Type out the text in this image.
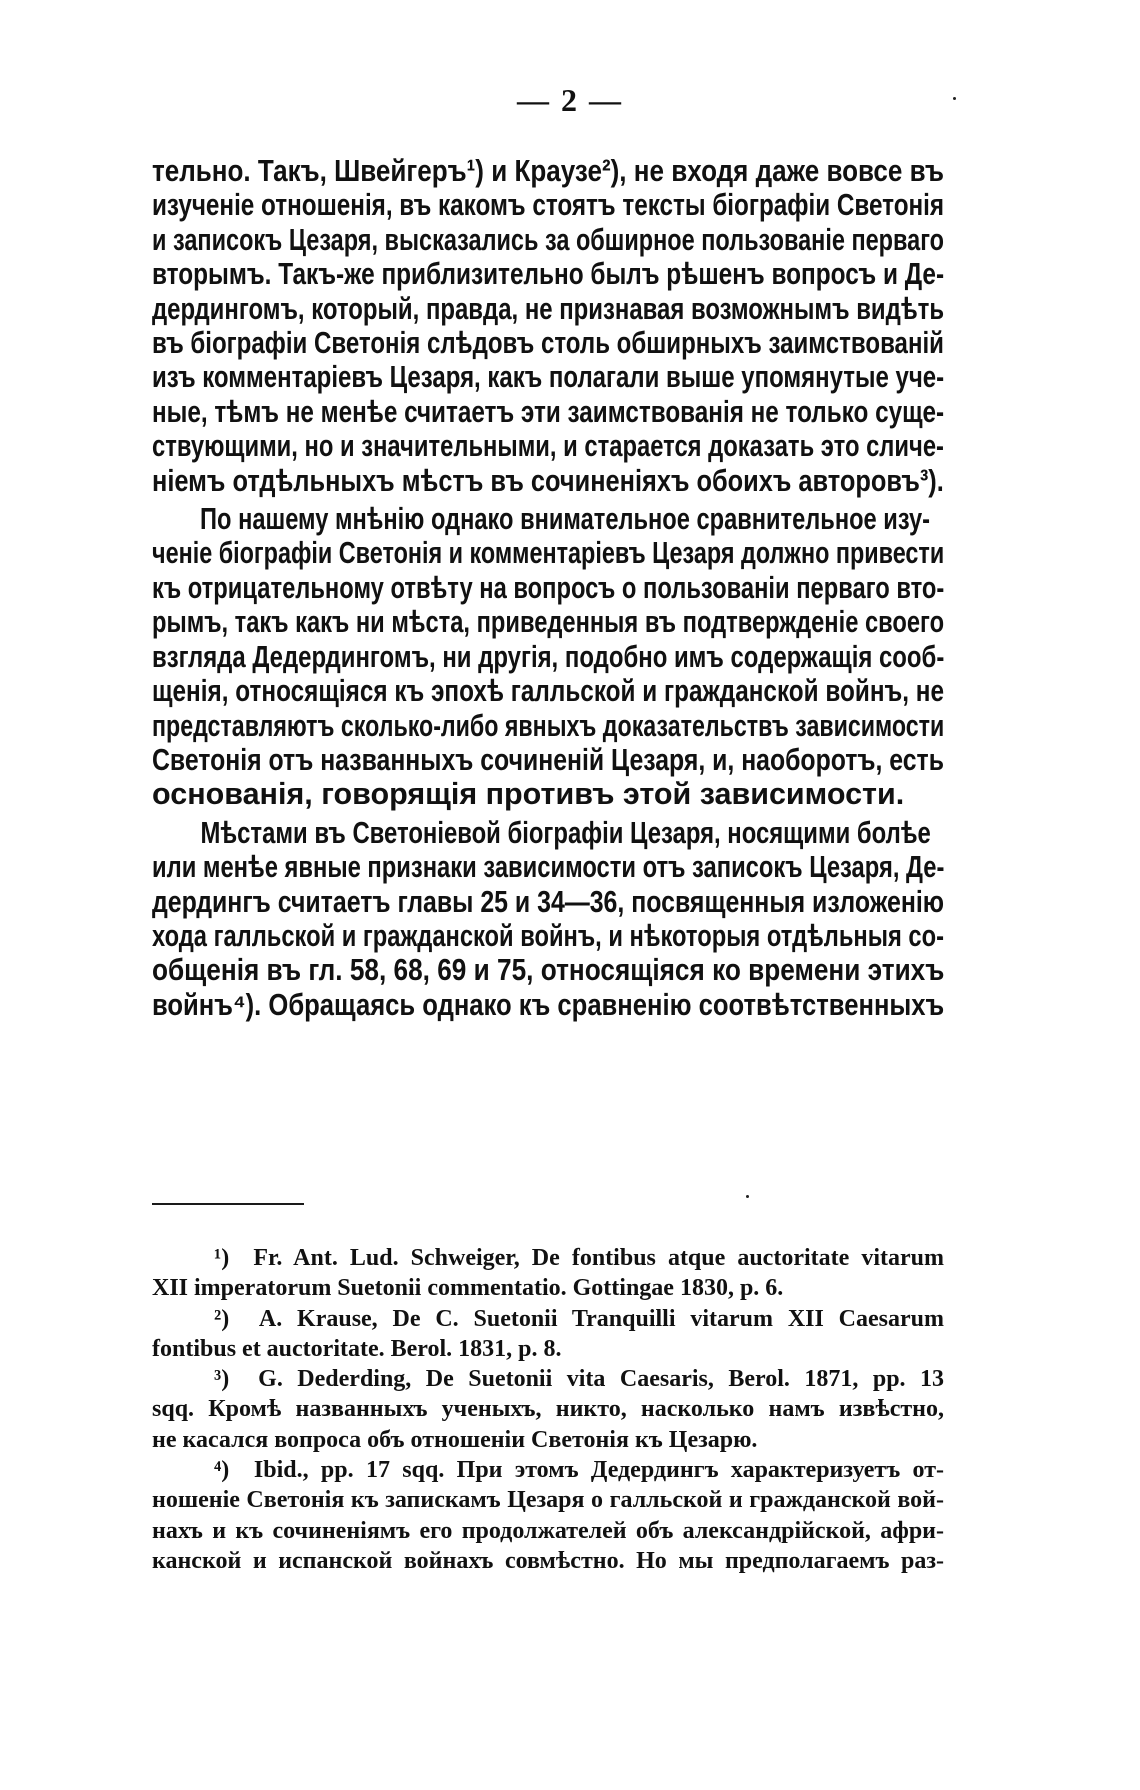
— 2 —
тельно. Такъ, Швейгеръ¹) и Краузе²), не входя даже вовсе въ
изученіе отношенія, въ какомъ стоятъ тексты біографіи Светонія
и записокъ Цезаря, высказались за обширное пользованіе перваго
вторымъ. Такъ-же приблизительно былъ рѣшенъ вопросъ и Де-
дердингомъ, который, правда, не признавая возможнымъ видѣть
въ біографіи Светонія слѣдовъ столь обширныхъ заимствованій
изъ комментаріевъ Цезаря, какъ полагали выше упомянутые уче-
ные, тѣмъ не менѣе считаетъ эти заимствованія не только суще-
ствующими, но и значительными, и старается доказать это сличе-
ніемъ отдѣльныхъ мѣстъ въ сочиненіяхъ обоихъ авторовъ³).
По нашему мнѣнію однако внимательное сравнительное изу-
ченіе біографіи Светонія и комментаріевъ Цезаря должно привести
къ отрицательному отвѣту на вопросъ о пользованіи перваго вто-
рымъ, такъ какъ ни мѣста, приведенныя въ подтвержденіе своего
взгляда Дедердингомъ, ни другія, подобно имъ содержащія сооб-
щенія, относящіяся къ эпохѣ галльской и гражданской войнъ, не
представляютъ сколько-либо явныхъ доказательствъ зависимости
Светонія отъ названныхъ сочиненій Цезаря, и, наоборотъ, есть
основанія, говорящія противъ этой зависимости.
Мѣстами въ Светоніевой біографіи Цезаря, носящими болѣе
или менѣе явные признаки зависимости отъ записокъ Цезаря, Де-
дердингъ считаетъ главы 25 и 34—36, посвященныя изложенію
хода галльской и гражданской войнъ, и нѣкоторыя отдѣльныя со-
общенія въ гл. 58, 68, 69 и 75, относящіяся ко времени этихъ
войнъ⁴). Обращаясь однако къ сравненію соотвѣтственныхъ
¹) Fr. Ant. Lud. Schweiger, De fontibus atque auctoritate vitarum
XII imperatorum Suetonii commentatio. Gottingae 1830, p. 6.
²) A. Krause, De C. Suetonii Tranquilli vitarum XII Caesarum
fontibus et auctoritate. Berol. 1831, p. 8.
³) G. Dederding, De Suetonii vita Caesaris, Berol. 1871, pp. 13
sqq. Кромѣ названныхъ ученыхъ, никто, насколько намъ извѣстно,
не касался вопроса объ отношеніи Светонія къ Цезарю.
⁴) Ibid., pp. 17 sqq. При этомъ Дедердингъ характеризуетъ от-
ношеніе Светонія къ запискамъ Цезаря о галльской и гражданской вой-
нахъ и къ сочиненіямъ его продолжателей объ александрійской, афри-
канской и испанской войнахъ совмѣстно. Но мы предполагаемъ раз-
